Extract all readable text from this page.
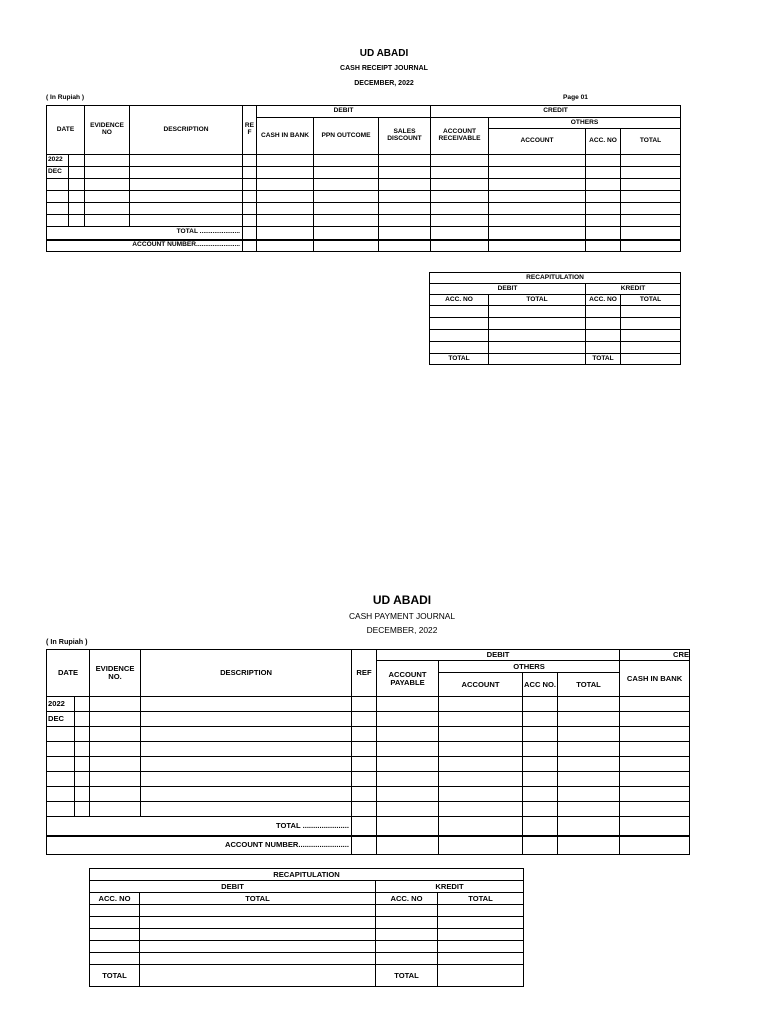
UD ABADI
CASH RECEIPT JOURNAL
DECEMBER, 2022
( In Rupiah )	Page 01
DATE		EVIDENCE NO	DESCRIPTION	RE F	DEBIT			CREDIT			
					CASH IN BANK	PPN OUTCOME	SALES DISCOUNT	ACCOUNT RECEIVABLE	OTHERS		
									ACCOUNT	ACC. NO	TOTAL
2022											
DEC											

TOTAL ......................											
ACCOUNT NUMBER........................											
RECAPITULATION			
DEBIT		KREDIT	
ACC. NO	TOTAL	ACC. NO	TOTAL

TOTAL		TOTAL	
UD ABADI
CASH PAYMENT JOURNAL
DECEMBER, 2022
( In Rupiah )
DATE		EVIDENCE NO.	DESCRIPTION	REF	DEBIT				CRE
					ACCOUNT PAYABLE	OTHERS			CASH IN BANK
						ACCOUNT	ACC NO.	TOTAL	
2022									
DEC									

TOTAL ......................									
ACCOUNT NUMBER........................									
RECAPITULATION			
DEBIT		KREDIT	
ACC. NO	TOTAL	ACC. NO	TOTAL

TOTAL		TOTAL	
